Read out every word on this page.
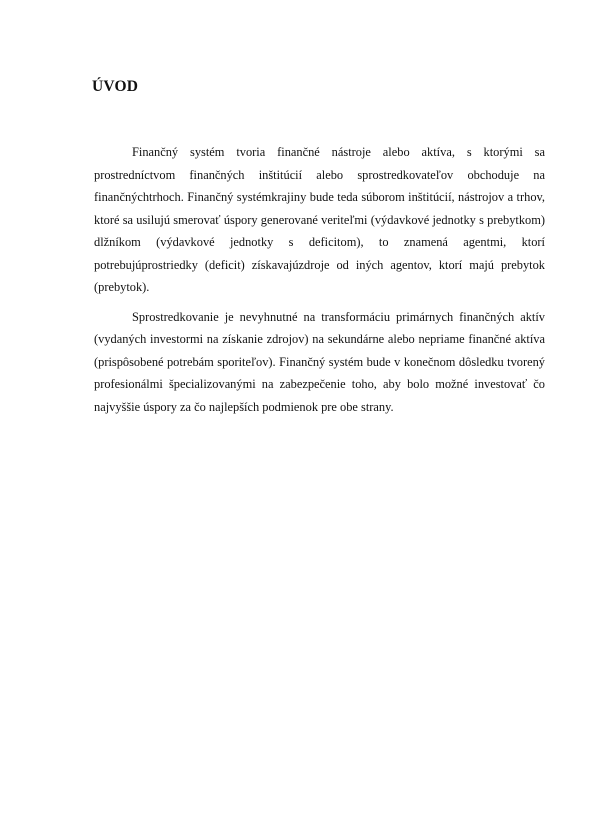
ÚVOD

Finančný systém tvoria finančné nástroje alebo aktíva, s ktorými sa prostredníctvom finančných inštitúcií alebo sprostredkovateľov obchoduje na finančnýchtrhoch. Finančný systémkrajiny bude teda súborom inštitúcií, nástrojov a trhov, ktoré sa usilujú smerovať úspory generované veriteľmi (výdavkové jednotky s prebytkom) dlžníkom (výdavkové jednotky s deficitom), to znamená agentmi, ktorí potrebujúprostriedky (deficit) získavajúzdroje od iných agentov, ktorí majú prebytok (prebytok).

Sprostredkovanie je nevyhnutné na transformáciu primárnych finančných aktív (vydaných investormi na získanie zdrojov) na sekundárne alebo nepriame finančné aktíva (prispôsobené potrebám sporiteľov). Finančný systém bude v konečnom dôsledku tvorený profesionálmi špecializovanými na zabezpečenie toho, aby bolo možné investovať čo najvyššie úspory za čo najlepších podmienok pre obe strany.
